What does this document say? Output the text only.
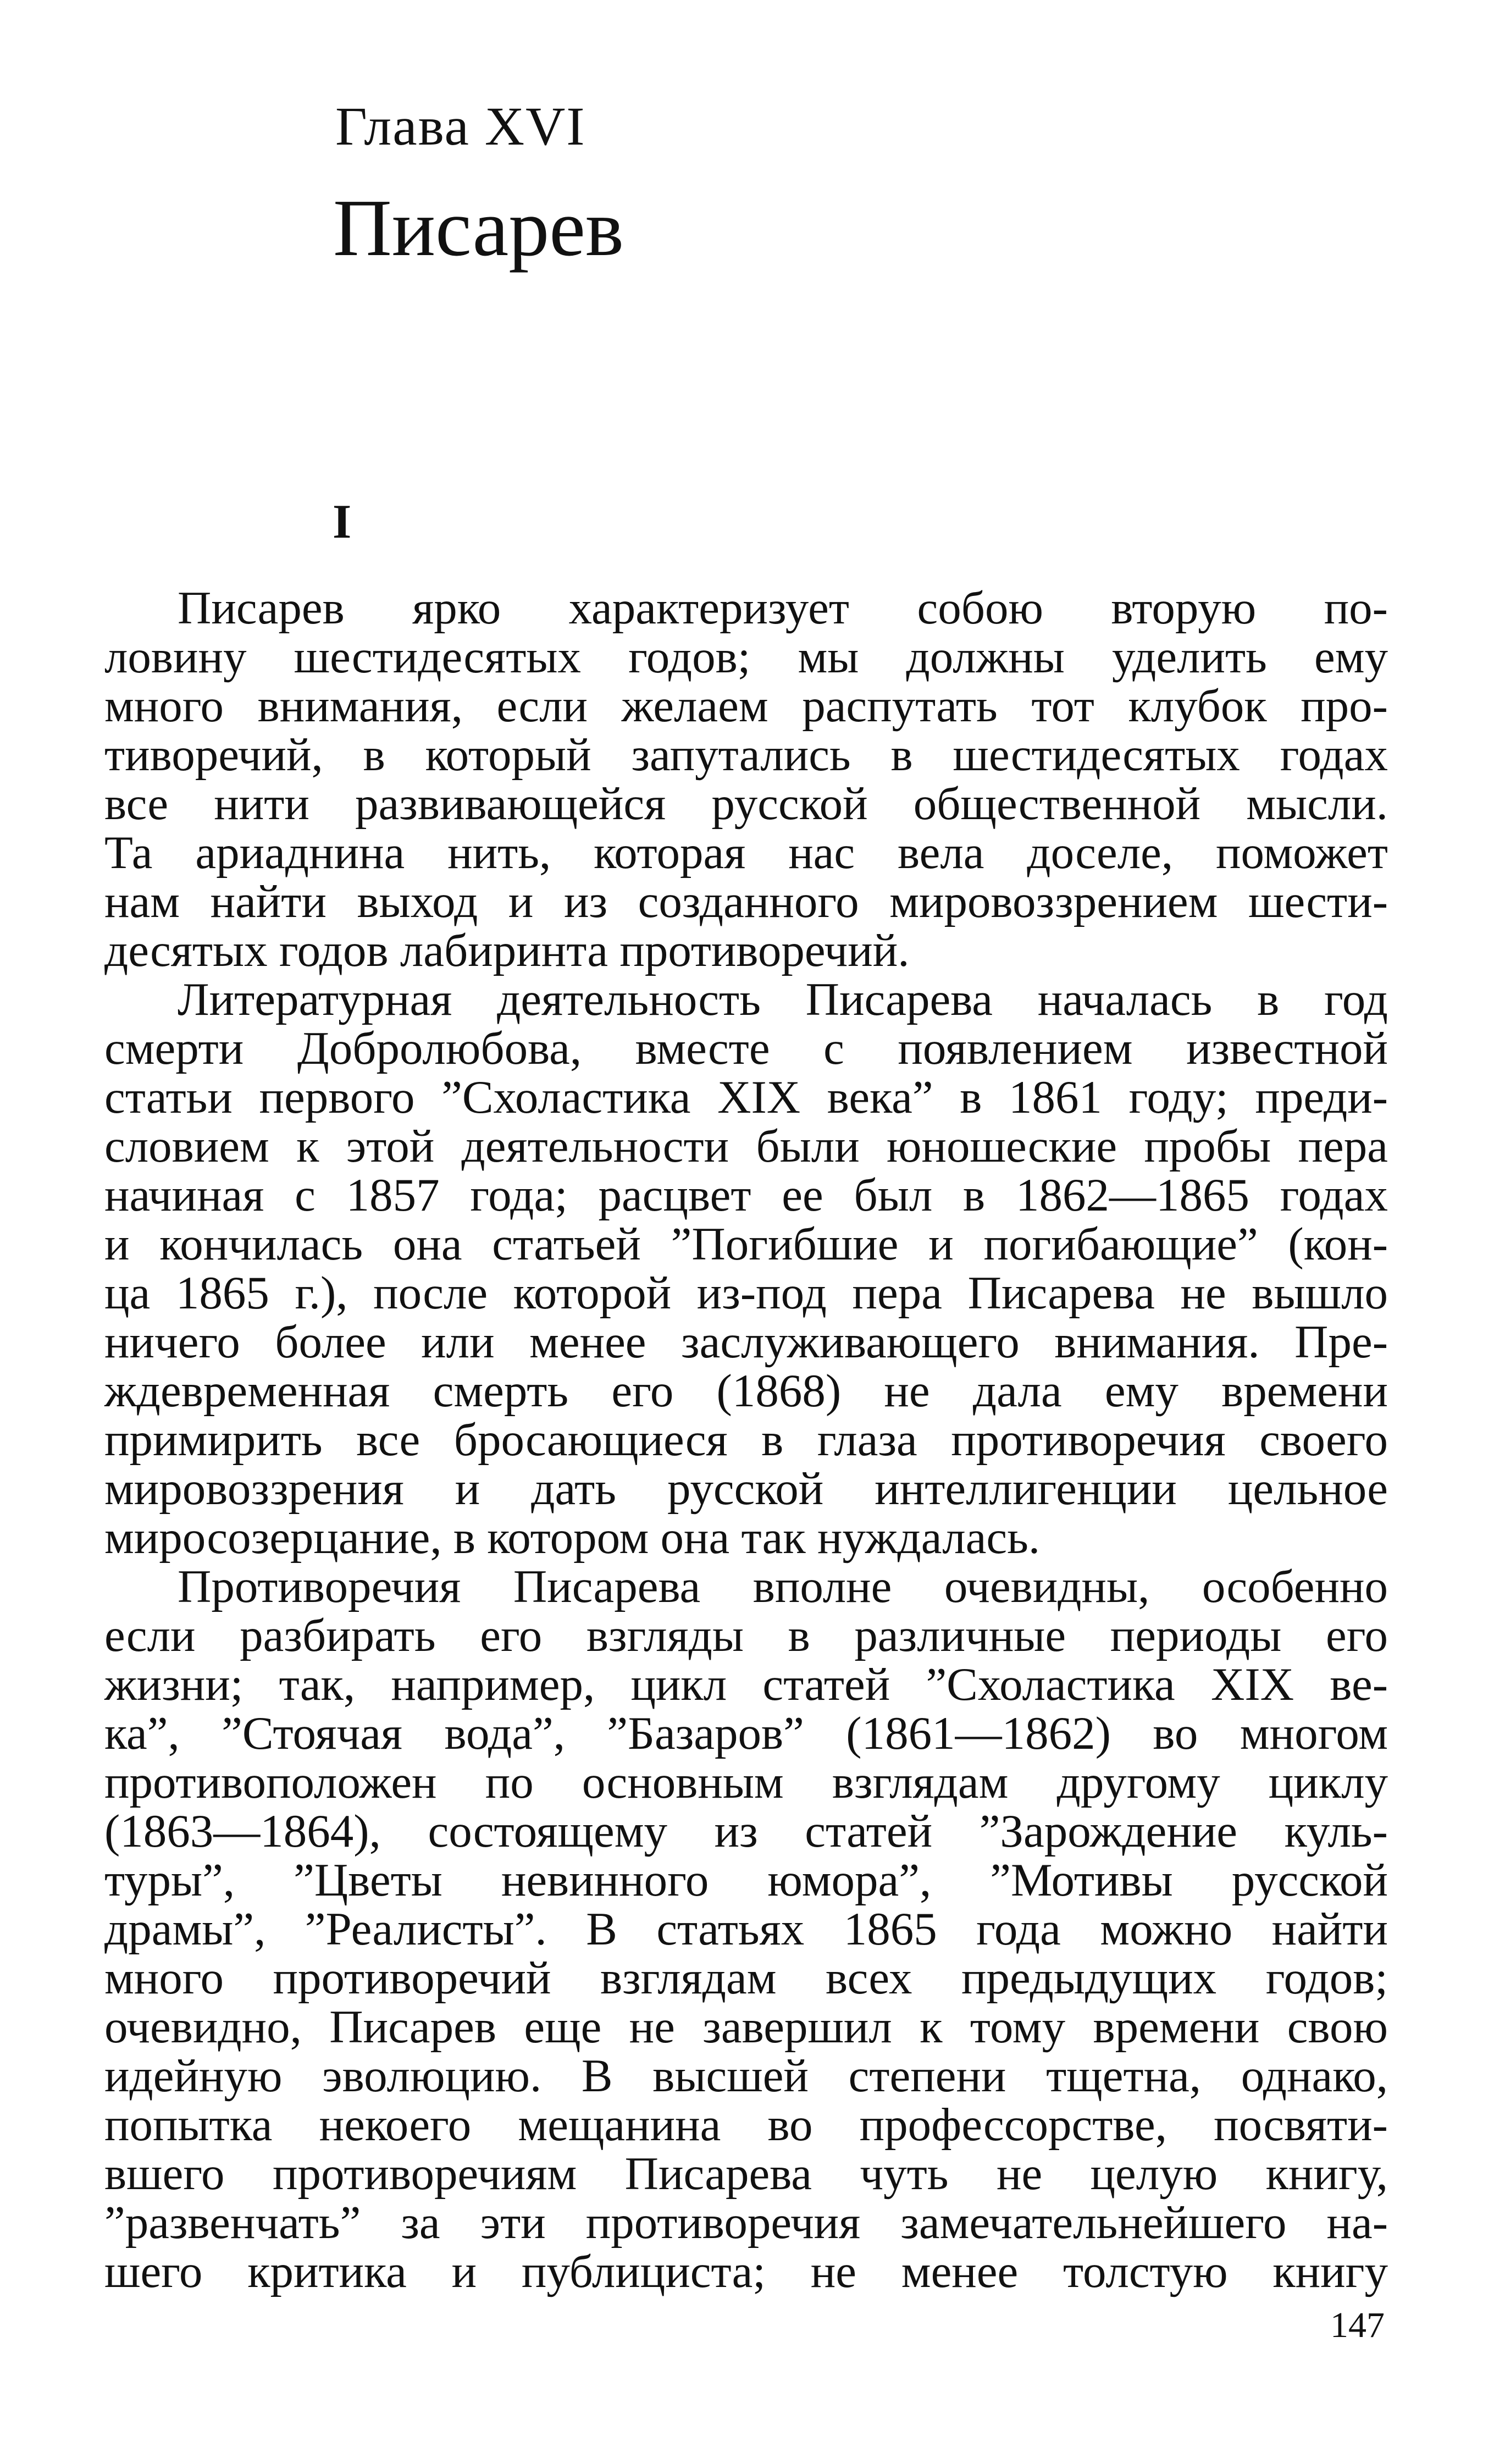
Глава XVI
Писарев
I
Писарев ярко характеризует собою вторую по-
ловину шестидесятых годов; мы должны уделить ему
много внимания, если желаем распутать тот клубок про-
тиворечий, в который запутались в шестидесятых годах
все нити развивающейся русской общественной мысли.
Та ариаднина нить, которая нас вела доселе, поможет
нам найти выход и из созданного мировоззрением шести-
десятых годов лабиринта противоречий.
Литературная деятельность Писарева началась в год
смерти Добролюбова, вместе с появлением известной
статьи первого ”Схоластика XIX века” в 1861 году; преди-
словием к этой деятельности были юношеские пробы пера
начиная с 1857 года; расцвет ее был в 1862—1865 годах
и кончилась она статьей ”Погибшие и погибающие” (кон-
ца 1865 г.), после которой из-под пера Писарева не вышло
ничего более или менее заслуживающего внимания. Пре-
ждевременная смерть его (1868) не дала ему времени
примирить все бросающиеся в глаза противоречия своего
мировоззрения и дать русской интеллигенции цельное
миросозерцание, в котором она так нуждалась.
Противоречия Писарева вполне очевидны, особенно
если разбирать его взгляды в различные периоды его
жизни; так, например, цикл статей ”Схоластика XIX ве-
ка”, ”Стоячая вода”, ”Базаров” (1861—1862) во многом
противоположен по основным взглядам другому циклу
(1863—1864), состоящему из статей ”Зарождение куль-
туры”, ”Цветы невинного юмора”, ”Мотивы русской
драмы”, ”Реалисты”. В статьях 1865 года можно найти
много противоречий взглядам всех предыдущих годов;
очевидно, Писарев еще не завершил к тому времени свою
идейную эволюцию. В высшей степени тщетна, однако,
попытка некоего мещанина во профессорстве, посвяти-
вшего противоречиям Писарева чуть не целую книгу,
”развенчать” за эти противоречия замечательнейшего на-
шего критика и публициста; не менее толстую книгу
147
